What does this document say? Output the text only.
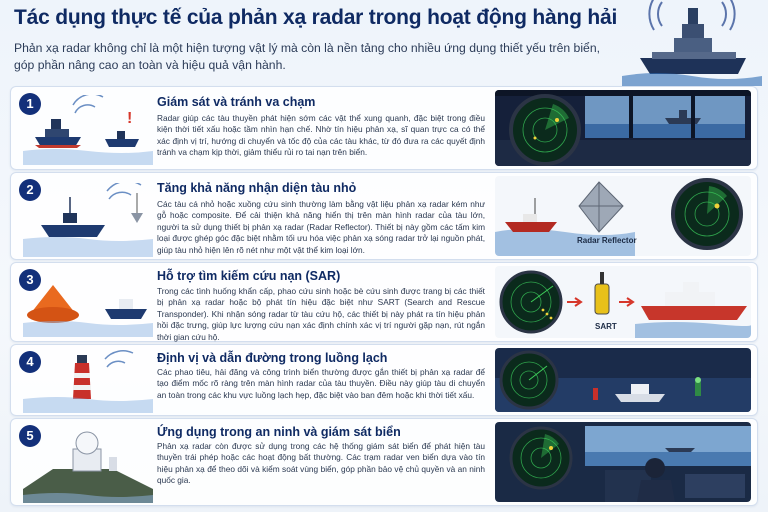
Tác dụng thực tế của phản xạ radar trong hoạt động hàng hải

Phản xạ radar không chỉ là một hiện tượng vật lý mà còn là nền tảng cho nhiều ứng dụng thiết yếu trên biển, góp phần nâng cao an toàn và hiệu quả vận hành.

1
!
Giám sát và tránh va chạm
Radar giúp các tàu thuyền phát hiện sớm các vật thể xung quanh, đặc biệt trong điều kiện thời tiết xấu hoặc tầm nhìn hạn chế. Nhờ tín hiệu phản xạ, sĩ quan trực ca có thể xác định vị trí, hướng di chuyển và tốc độ của các tàu khác, từ đó đưa ra các quyết định tránh va chạm kịp thời, giảm thiểu rủi ro tai nạn trên biển.
2	Tăng khả năng nhận diện tàu nhỏ
Các tàu cá nhỏ hoặc xuồng cứu sinh thường làm bằng vật liệu phản xạ radar kém như gỗ hoặc composite. Để cải thiện khả năng hiển thị trên màn hình radar của tàu lớn, người ta sử dụng thiết bị phản xạ radar (Radar Reflector). Thiết bị này gồm các tấm kim loại được ghép góc đặc biệt nhằm tối ưu hóa việc phản xạ sóng radar trở lại nguồn phát, giúp tàu nhỏ hiện lên rõ nét như một vật thể kim loại lớn.
Radar Reflector
3	Hỗ trợ tìm kiếm cứu nạn (SAR)
Trong các tình huống khẩn cấp, phao cứu sinh hoặc bè cứu sinh được trang bị các thiết bị phản xạ radar hoặc bộ phát tín hiệu đặc biệt như SART (Search and Rescue Transponder). Khi nhận sóng radar từ tàu cứu hộ, các thiết bị này phát ra tín hiệu phản hồi đặc trưng, giúp lực lượng cứu nạn xác định chính xác vị trí người gặp nạn, rút ngắn thời gian cứu hộ.
SART
4	Định vị và dẫn đường trong luồng lạch
Các phao tiêu, hải đăng và công trình biển thường được gắn thiết bị phản xạ radar để tạo điểm mốc rõ ràng trên màn hình radar của tàu thuyền. Điều này giúp tàu di chuyển an toàn trong các khu vực luồng lạch hẹp, đặc biệt vào ban đêm hoặc khi thời tiết xấu.
5	Ứng dụng trong an ninh và giám sát biển
Phản xạ radar còn được sử dụng trong các hệ thống giám sát biển để phát hiện tàu thuyền trái phép hoặc các hoạt động bất thường. Các trạm radar ven biển dựa vào tín hiệu phản xạ để theo dõi và kiểm soát vùng biển, góp phần bảo vệ chủ quyền và an ninh quốc gia.
